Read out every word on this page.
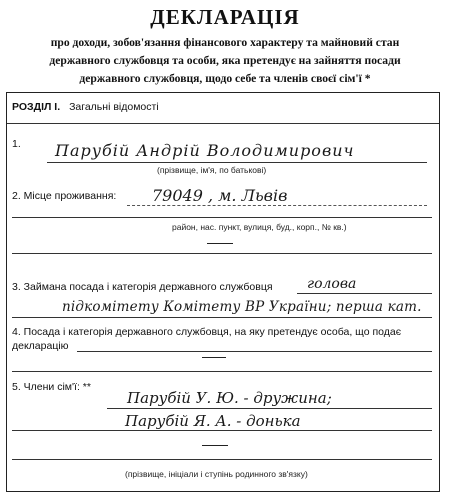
ДЕКЛАРАЦІЯ
про доходи, зобов'язання фінансового характеру та майновий стан
державного службовця та особи, яка претендує на зайняття посади
державного службовця, щодо себе та членів своєї сім'ї *
РОЗДІЛ І. Загальні відомості
1. Парубій Андрій Володимирович
(прізвище, ім'я, по батькові)
2. Місце проживання: 79049 , м. Львів
район, нас. пункт, вулиця, буд., корп., № кв.)
3. Займана посада і категорія державного службовця голова
підкомітету Комітету ВР України; перша кат.
4. Посада і категорія державного службовця, на яку претендує особа, що подає
декларацію
5. Члени сім'ї: **
Парубій У. Ю. - дружина;
Парубій Я. А. - донька
(прізвище, ініціали і ступінь родинного зв'язку)
